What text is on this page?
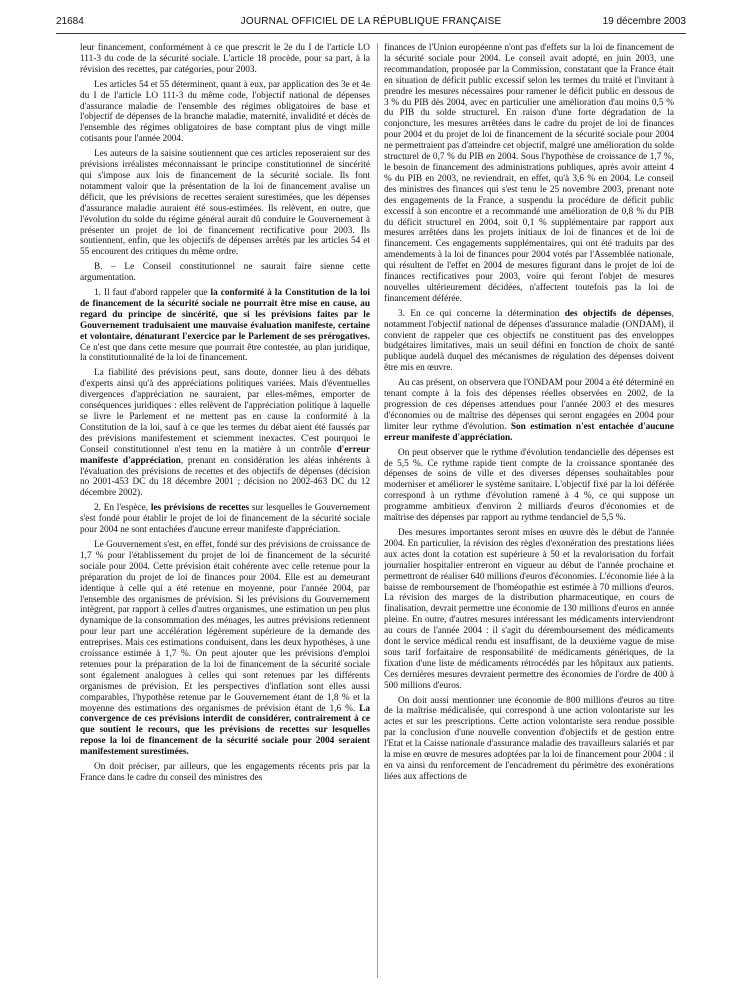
21684	JOURNAL OFFICIEL DE LA RÉPUBLIQUE FRANÇAISE	19 décembre 2003

leur financement, conformément à ce que prescrit le 2e du I de l'article LO 111-3 du code de la sécurité sociale. L'article 18 procède, pour sa part, à la révision des recettes, par catégories, pour 2003.

Les articles 54 et 55 déterminent, quant à eux, par application des 3e et 4e du I de l'article LO 111-3 du même code, l'objectif national de dépenses d'assurance maladie de l'ensemble des régimes obligatoires de base et l'objectif de dépenses de la branche maladie, maternité, invalidité et décès de l'ensemble des régimes obligatoires de base comptant plus de vingt mille cotisants pour l'année 2004.

Les auteurs de la saisine soutiennent que ces articles reposeraient sur des prévisions irréalistes méconnaissant le principe constitutionnel de sincérité qui s'impose aux lois de financement de la sécurité sociale. Ils font notamment valoir que la présentation de la loi de financement avalise un déficit, que les prévisions de recettes seraient surestimées, que les dépenses d'assurance maladie auraient été sous-estimées. Ils relèvent, en outre, que l'évolution du solde du régime général aurait dû conduire le Gouvernement à présenter un projet de loi de financement rectificative pour 2003. Ils soutiennent, enfin, que les objectifs de dépenses arrêtés par les articles 54 et 55 encourent des critiques du même ordre.

B. – Le Conseil constitutionnel ne saurait faire sienne cette argumentation.

1. Il faut d'abord rappeler que la conformité à la Constitution de la loi de financement de la sécurité sociale ne pourrait être mise en cause, au regard du principe de sincérité, que si les prévisions faites par le Gouvernement traduisaient une mauvaise évaluation manifeste, certaine et volontaire, dénaturant l'exercice par le Parlement de ses prérogatives. Ce n'est que dans cette mesure que pourrait être contestée, au plan juridique, la constitutionnalité de la loi de financement.

La fiabilité des prévisions peut, sans doute, donner lieu à des débats d'experts ainsi qu'à des appréciations politiques variées. Mais d'éventuelles divergences d'appréciation ne sauraient, par elles-mêmes, emporter de conséquences juridiques : elles relèvent de l'appréciation politique à laquelle se livre le Parlement et ne mettent pas en cause la conformité à la Constitution de la loi, sauf à ce que les termes du débat aient été faussés par des prévisions manifestement et sciemment inexactes. C'est pourquoi le Conseil constitutionnel n'est tenu en la matière à un contrôle d'erreur manifeste d'appréciation, prenant en considération les aléas inhérents à l'évaluation des prévisions de recettes et des objectifs de dépenses (décision no 2001-453 DC du 18 décembre 2001 ; décision no 2002-463 DC du 12 décembre 2002).

2. En l'espèce, les prévisions de recettes sur lesquelles le Gouvernement s'est fondé pour établir le projet de loi de financement de la sécurité sociale pour 2004 ne sont entachées d'aucune erreur manifeste d'appréciation.

Le Gouvernement s'est, en effet, fondé sur des prévisions de croissance de 1,7 % pour l'établissement du projet de loi de financement de la sécurité sociale pour 2004. Cette prévision était cohérente avec celle retenue pour la préparation du projet de loi de finances pour 2004. Elle est au demeurant identique à celle qui a été retenue en moyenne, pour l'année 2004, par l'ensemble des organismes de prévision. Si les prévisions du Gouvernement intègrent, par rapport à celles d'autres organismes, une estimation un peu plus dynamique de la consommation des ménages, les autres prévisions retiennent pour leur part une accélération légèrement supérieure de la demande des entreprises. Mais ces estimations conduisent, dans les deux hypothèses, à une croissance estimée à 1,7 %. On peut ajouter que les prévisions d'emploi retenues pour la préparation de la loi de financement de la sécurité sociale sont également analogues à celles qui sont retenues par les différents organismes de prévision. Et les perspectives d'inflation sont elles aussi comparables, l'hypothèse retenue par le Gouvernement étant de 1,8 % et la moyenne des estimations des organismes de prévision étant de 1,6 %. La convergence de ces prévisions interdit de considérer, contrairement à ce que soutient le recours, que les prévisions de recettes sur lesquelles repose la loi de financement de la sécurité sociale pour 2004 seraient manifestement surestimées.

On doit préciser, par ailleurs, que les engagements récents pris par la France dans le cadre du conseil des ministres des

finances de l'Union européenne n'ont pas d'effets sur la loi de financement de la sécurité sociale pour 2004. Le conseil avait adopté, en juin 2003, une recommandation, proposée par la Commission, constatant que la France était en situation de déficit public excessif selon les termes du traité et l'invitant à prendre les mesures nécessaires pour ramener le déficit public en dessous de 3 % du PIB dès 2004, avec en particulier une amélioration d'au moins 0,5 % du PIB du solde structurel. En raison d'une forte dégradation de la conjoncture, les mesures arrêtées dans le cadre du projet de loi de finances pour 2004 et du projet de loi de financement de la sécurité sociale pour 2004 ne permettraient pas d'atteindre cet objectif, malgré une amélioration du solde structurel de 0,7 % du PIB en 2004. Sous l'hypothèse de croissance de 1,7 %, le besoin de financement des administrations publiques, après avoir atteint 4 % du PIB en 2003, ne reviendrait, en effet, qu'à 3,6 % en 2004. Le conseil des ministres des finances qui s'est tenu le 25 novembre 2003, prenant note des engagements de la France, a suspendu la procédure de déficit public excessif à son encontre et a recommandé une amélioration de 0,8 % du PIB du déficit structurel en 2004, soit 0,1 % supplémentaire par rapport aux mesures arrêtées dans les projets initiaux de loi de finances et de loi de financement. Ces engagements supplémentaires, qui ont été traduits par des amendements à la loi de finances pour 2004 votés par l'Assemblée nationale, qui résultent de l'effet en 2004 de mesures figurant dans le projet de loi de finances rectificatives pour 2003, voire qui feront l'objet de mesures nouvelles ultérieurement décidées, n'affectent toutefois pas la loi de financement déférée.

3. En ce qui concerne la détermination des objectifs de dépenses, notamment l'objectif national de dépenses d'assurance maladie (ONDAM), il convient de rappeler que ces objectifs ne constituent pas des enveloppes budgétaires limitatives, mais un seuil défini en fonction de choix de santé publique audelà duquel des mécanismes de régulation des dépenses doivent être mis en œuvre.

Au cas présent, on observera que l'ONDAM pour 2004 a été déterminé en tenant compte à la fois des dépenses réelles observées en 2002, de la progression de ces dépenses attendues pour l'année 2003 et des mesures d'économies ou de maîtrise des dépenses qui seront engagées en 2004 pour limiter leur rythme d'évolution. Son estimation n'est entachée d'aucune erreur manifeste d'appréciation.

On peut observer que le rythme d'évolution tendancielle des dépenses est de 5,5 %. Ce rythme rapide tient compte de la croissance spontanée des dépenses de soins de ville et des diverses dépenses souhaitables pour moderniser et améliorer le système sanitaire. L'objectif fixé par la loi déférée correspond à un rythme d'évolution ramené à 4 %, ce qui suppose un programme ambitieux d'environ 2 milliards d'euros d'économies et de maîtrise des dépenses par rapport au rythme tendanciel de 5,5 %.

Des mesures importantes seront mises en œuvre dès le début de l'année 2004. En particulier, la révision des règles d'exonération des prestations liées aux actes dont la cotation est supérieure à 50 et la revalorisation du forfait journalier hospitalier entreront en vigueur au début de l'année prochaine et permettront de réaliser 640 millions d'euros d'économies. L'économie liée à la baisse de remboursement de l'homéopathie est estimée à 70 millions d'euros. La révision des marges de la distribution pharmaceutique, en cours de finalisation, devrait permettre une économie de 130 millions d'euros en année pleine. En outre, d'autres mesures intéressant les médicaments interviendront au cours de l'année 2004 : il s'agit du déremboursement des médicaments dont le service médical rendu est insuffisant, de la deuxième vague de mise sous tarif forfaitaire de responsabilité de médicaments génériques, de la fixation d'une liste de médicaments rétrocédés par les hôpitaux aux patients. Ces dernières mesures devraient permettre des économies de l'ordre de 400 à 500 millions d'euros.

On doit aussi mentionner une économie de 800 millions d'euros au titre de la maîtrise médicalisée, qui correspond à une action volontariste sur les actes et sur les prescriptions. Cette action volontariste sera rendue possible par la conclusion d'une nouvelle convention d'objectifs et de gestion entre l'Etat et la Caisse nationale d'assurance maladie des travailleurs salariés et par la mise en œuvre de mesures adoptées par la loi de financement pour 2004 : il en va ainsi du renforcement de l'encadrement du périmètre des exonérations liées aux affections de
